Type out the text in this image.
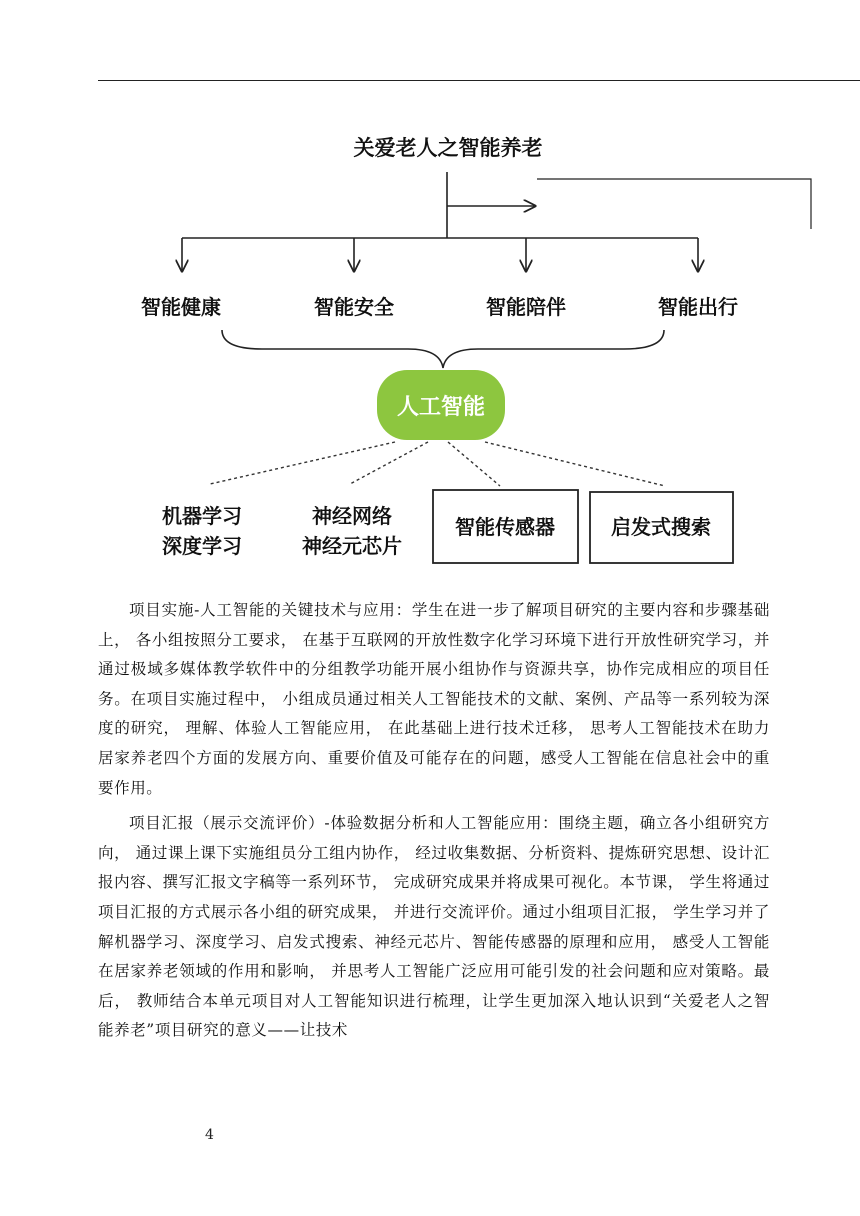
关爱老人之智能养老
智能健康	智能安全	智能陪伴	智能出行
人工智能
机器学习
深度学习
神经网络
神经元芯片
智能传感器	启发式搜索

项目实施-人工智能的关键技术与应用：学生在进一步了解项目研究的主要内容和步骤基础上， 各小组按照分工要求， 在基于互联网的开放性数字化学习环境下进行开放性研究学习，并通过极域多媒体教学软件中的分组教学功能开展小组协作与资源共享，协作完成相应的项目任务。在项目实施过程中， 小组成员通过相关人工智能技术的文献、案例、产品等一系列较为深度的研究， 理解、体验人工智能应用， 在此基础上进行技术迁移， 思考人工智能技术在助力居家养老四个方面的发展方向、重要价值及可能存在的问题，感受人工智能在信息社会中的重要作用。

项目汇报（展示交流评价）-体验数据分析和人工智能应用：围绕主题，确立各小组研究方向， 通过课上课下实施组员分工组内协作， 经过收集数据、分析资料、提炼研究思想、设计汇报内容、撰写汇报文字稿等一系列环节， 完成研究成果并将成果可视化。本节课， 学生将通过项目汇报的方式展示各小组的研究成果， 并进行交流评价。通过小组项目汇报， 学生学习并了解机器学习、深度学习、启发式搜索、神经元芯片、智能传感器的原理和应用， 感受人工智能在居家养老领域的作用和影响， 并思考人工智能广泛应用可能引发的社会问题和应对策略。最后， 教师结合本单元项目对人工智能知识进行梳理，让学生更加深入地认识到“关爱老人之智能养老”项目研究的意义——让技术

4
